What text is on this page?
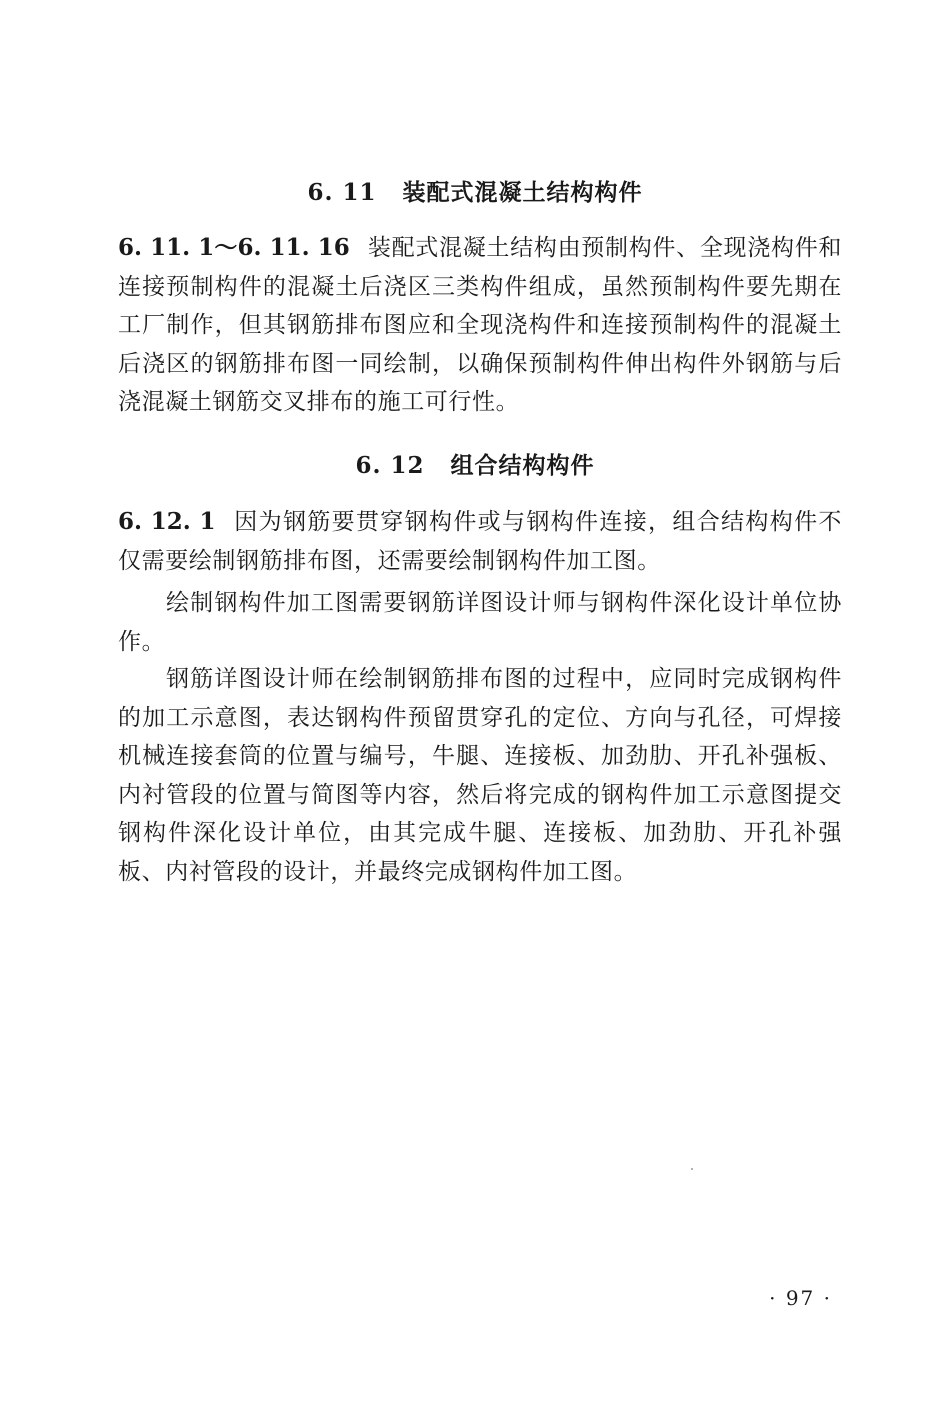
6. 11 装配式混凝土结构构件
6. 11. 1～6. 11. 16 装配式混凝土结构由预制构件、全现浇构件和连接预制构件的混凝土后浇区三类构件组成，虽然预制构件要先期在工厂制作，但其钢筋排布图应和全现浇构件和连接预制构件的混凝土后浇区的钢筋排布图一同绘制，以确保预制构件伸出构件外钢筋与后浇混凝土钢筋交叉排布的施工可行性。
6. 12 组合结构构件
6. 12. 1 因为钢筋要贯穿钢构件或与钢构件连接，组合结构构件不仅需要绘制钢筋排布图，还需要绘制钢构件加工图。
绘制钢构件加工图需要钢筋详图设计师与钢构件深化设计单位协作。
钢筋详图设计师在绘制钢筋排布图的过程中，应同时完成钢构件的加工示意图，表达钢构件预留贯穿孔的定位、方向与孔径，可焊接机械连接套筒的位置与编号，牛腿、连接板、加劲肋、开孔补强板、内衬管段的位置与简图等内容，然后将完成的钢构件加工示意图提交钢构件深化设计单位，由其完成牛腿、连接板、加劲肋、开孔补强板、内衬管段的设计，并最终完成钢构件加工图。
· 97 ·
